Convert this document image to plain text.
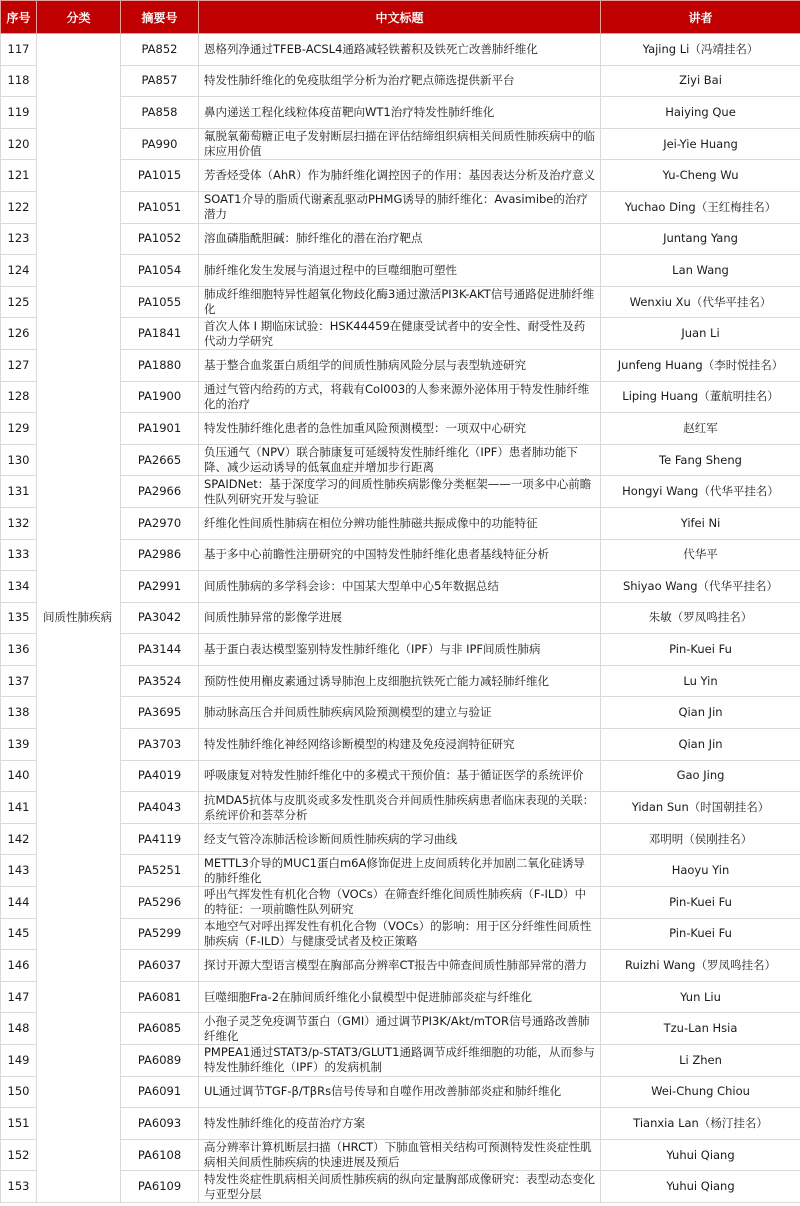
序号	分类	摘要号	中文标题	讲者
117	间质性肺疾病	PA852	恩格列净通过TFEB-ACSL4通路减轻铁蓄积及铁死亡改善肺纤维化	Yajing Li（冯靖挂名）
118		PA857	特发性肺纤维化的免疫肽组学分析为治疗靶点筛选提供新平台	Ziyi Bai
119		PA858	鼻内递送工程化线粒体疫苗靶向WT1治疗特发性肺纤维化	Haiying Que
120		PA990	氟脱氧葡萄糖正电子发射断层扫描在评估结缔组织病相关间质性肺疾病中的临床应用价值	Jei-Yie Huang
121		PA1015	芳香烃受体（AhR）作为肺纤维化调控因子的作用：基因表达分析及治疗意义	Yu-Cheng Wu
122		PA1051	SOAT1介导的脂质代谢紊乱驱动PHMG诱导的肺纤维化：Avasimibe的治疗潜力	Yuchao Ding（王红梅挂名）
123		PA1052	溶血磷脂酰胆碱：肺纤维化的潜在治疗靶点	Juntang Yang
124		PA1054	肺纤维化发生发展与消退过程中的巨噬细胞可塑性	Lan Wang
125		PA1055	肺成纤维细胞特异性超氧化物歧化酶3通过激活PI3K-AKT信号通路促进肺纤维化	Wenxiu Xu（代华平挂名）
126		PA1841	首次人体 I 期临床试验：HSK44459在健康受试者中的安全性、耐受性及药代动力学研究	Juan Li
127		PA1880	基于整合血浆蛋白质组学的间质性肺病风险分层与表型轨迹研究	Junfeng Huang（李时悦挂名）
128		PA1900	通过气管内给药的方式，将载有Col003的人参来源外泌体用于特发性肺纤维化的治疗	Liping Huang（董航明挂名）
129		PA1901	特发性肺纤维化患者的急性加重风险预测模型：一项双中心研究	赵红军
130		PA2665	负压通气（NPV）联合肺康复可延缓特发性肺纤维化（IPF）患者肺功能下降、减少运动诱导的低氧血症并增加步行距离	Te Fang Sheng
131		PA2966	SPAIDNet：基于深度学习的间质性肺疾病影像分类框架——一项多中心前瞻性队列研究开发与验证	Hongyi Wang（代华平挂名）
132		PA2970	纤维化性间质性肺病在相位分辨功能性肺磁共振成像中的功能特征	Yifei Ni
133		PA2986	基于多中心前瞻性注册研究的中国特发性肺纤维化患者基线特征分析	代华平
134		PA2991	间质性肺病的多学科会诊：中国某大型单中心5年数据总结	Shiyao Wang（代华平挂名）
135		PA3042	间质性肺异常的影像学进展	朱敏（罗凤鸣挂名）
136		PA3144	基于蛋白表达模型鉴别特发性肺纤维化（IPF）与非 IPF间质性肺病	Pin-Kuei Fu
137		PA3524	预防性使用槲皮素通过诱导肺泡上皮细胞抗铁死亡能力减轻肺纤维化	Lu Yin
138		PA3695	肺动脉高压合并间质性肺疾病风险预测模型的建立与验证	Qian Jin
139		PA3703	特发性肺纤维化神经网络诊断模型的构建及免疫浸润特征研究	Qian Jin
140		PA4019	呼吸康复对特发性肺纤维化中的多模式干预价值：基于循证医学的系统评价	Gao Jing
141		PA4043	抗MDA5抗体与皮肌炎或多发性肌炎合并间质性肺疾病患者临床表现的关联：系统评价和荟萃分析	Yidan Sun（时国朝挂名）
142		PA4119	经支气管冷冻肺活检诊断间质性肺疾病的学习曲线	邓明明（侯刚挂名）
143		PA5251	METTL3介导的MUC1蛋白m6A修饰促进上皮间质转化并加剧二氧化硅诱导的肺纤维化	Haoyu Yin
144		PA5296	呼出气挥发性有机化合物（VOCs）在筛查纤维化间质性肺疾病（F-ILD）中的特征：一项前瞻性队列研究	Pin-Kuei Fu
145		PA5299	本地空气对呼出挥发性有机化合物（VOCs）的影响：用于区分纤维性间质性肺疾病（F-ILD）与健康受试者及校正策略	Pin-Kuei Fu
146		PA6037	探讨开源大型语言模型在胸部高分辨率CT报告中筛查间质性肺部异常的潜力	Ruizhi Wang（罗凤鸣挂名）
147		PA6081	巨噬细胞Fra-2在肺间质纤维化小鼠模型中促进肺部炎症与纤维化	Yun Liu
148		PA6085	小孢子灵芝免疫调节蛋白（GMI）通过调节PI3K/Akt/mTOR信号通路改善肺纤维化	Tzu-Lan Hsia
149		PA6089	PMPEA1通过STAT3/p-STAT3/GLUT1通路调节成纤维细胞的功能，从而参与特发性肺纤维化（IPF）的发病机制	Li Zhen
150		PA6091	UL通过调节TGF-β/TβRs信号传导和自噬作用改善肺部炎症和肺纤维化	Wei-Chung Chiou
151		PA6093	特发性肺纤维化的疫苗治疗方案	Tianxia Lan（杨汀挂名）
152		PA6108	高分辨率计算机断层扫描（HRCT）下肺血管相关结构可预测特发性炎症性肌病相关间质性肺疾病的快速进展及预后	Yuhui Qiang
153		PA6109	特发性炎症性肌病相关间质性肺疾病的纵向定量胸部成像研究：表型动态变化与亚型分层	Yuhui Qiang
